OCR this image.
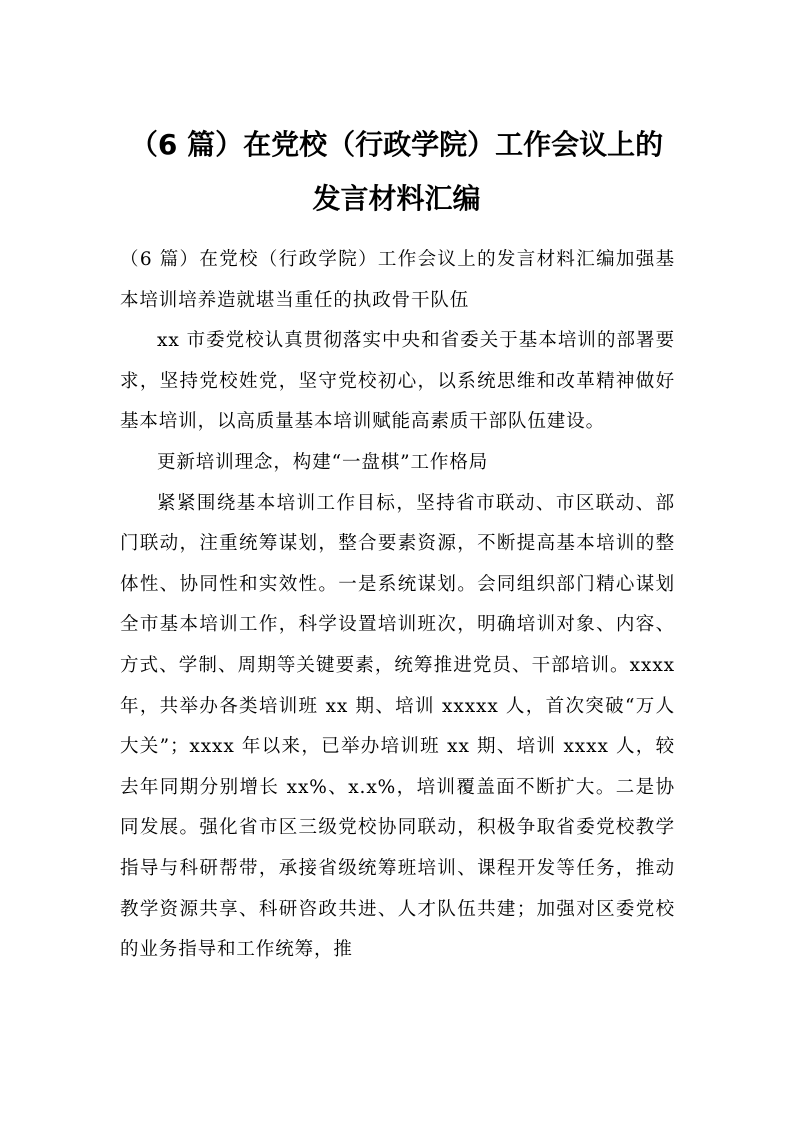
（6 篇）在党校（行政学院）工作会议上的
发言材料汇编

（6 篇）在党校（行政学院）工作会议上的发言材料汇编加强基本培训培养造就堪当重任的执政骨干队伍

xx 市委党校认真贯彻落实中央和省委关于基本培训的部署要求，坚持党校姓党，坚守党校初心，以系统思维和改革精神做好基本培训，以高质量基本培训赋能高素质干部队伍建设。

更新培训理念，构建“一盘棋”工作格局

紧紧围绕基本培训工作目标，坚持省市联动、市区联动、部门联动，注重统筹谋划，整合要素资源，不断提高基本培训的整体性、协同性和实效性。一是系统谋划。会同组织部门精心谋划全市基本培训工作，科学设置培训班次，明确培训对象、内容、方式、学制、周期等关键要素，统筹推进党员、干部培训。xxxx 年，共举办各类培训班 xx 期、培训 xxxxx 人，首次突破“万人大关”；xxxx 年以来，已举办培训班 xx 期、培训 xxxx 人，较去年同期分别增长 xx%、x.x%，培训覆盖面不断扩大。二是协同发展。强化省市区三级党校协同联动，积极争取省委党校教学指导与科研帮带，承接省级统筹班培训、课程开发等任务，推动教学资源共享、科研咨政共进、人才队伍共建；加强对区委党校的业务指导和工作统筹，推
